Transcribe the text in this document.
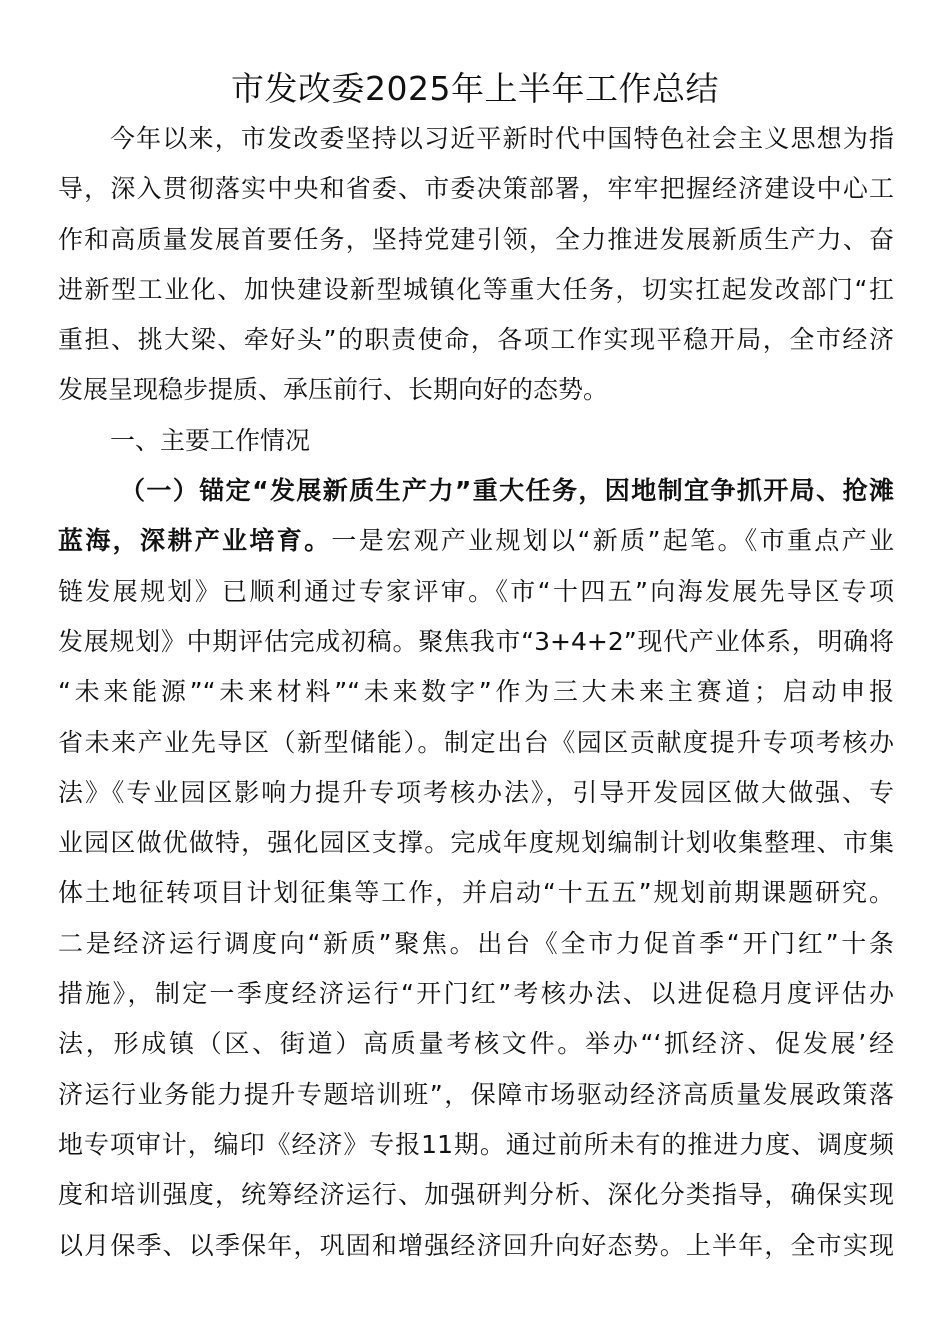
市发改委2025年上半年工作总结
今年以来，市发改委坚持以习近平新时代中国特色社会主义思想为指
导，深入贯彻落实中央和省委、市委决策部署，牢牢把握经济建设中心工
作和高质量发展首要任务，坚持党建引领，全力推进发展新质生产力、奋
进新型工业化、加快建设新型城镇化等重大任务，切实扛起发改部门“扛
重担、挑大梁、牵好头”的职责使命，各项工作实现平稳开局，全市经济
发展呈现稳步提质、承压前行、长期向好的态势。
一、主要工作情况
（一）锚定“发展新质生产力”重大任务，因地制宜争抓开局、抢滩
蓝海，深耕产业培育。一是宏观产业规划以“新质”起笔。《市重点产业
链发展规划》已顺利通过专家评审。《市“十四五”向海发展先导区专项
发展规划》中期评估完成初稿。聚焦我市“3+4+2”现代产业体系，明确将
“未来能源”“未来材料”“未来数字”作为三大未来主赛道；启动申报
省未来产业先导区（新型储能）。制定出台《园区贡献度提升专项考核办
法》《专业园区影响力提升专项考核办法》，引导开发园区做大做强、专
业园区做优做特，强化园区支撑。完成年度规划编制计划收集整理、市集
体土地征转项目计划征集等工作，并启动“十五五”规划前期课题研究。
二是经济运行调度向“新质”聚焦。出台《全市力促首季“开门红”十条
措施》，制定一季度经济运行“开门红”考核办法、以进促稳月度评估办
法，形成镇（区、街道）高质量考核文件。举办“‘抓经济、促发展’经
济运行业务能力提升专题培训班”，保障市场驱动经济高质量发展政策落
地专项审计，编印《经济》专报11期。通过前所未有的推进力度、调度频
度和培训强度，统筹经济运行、加强研判分析、深化分类指导，确保实现
以月保季、以季保年，巩固和增强经济回升向好态势。上半年，全市实现
